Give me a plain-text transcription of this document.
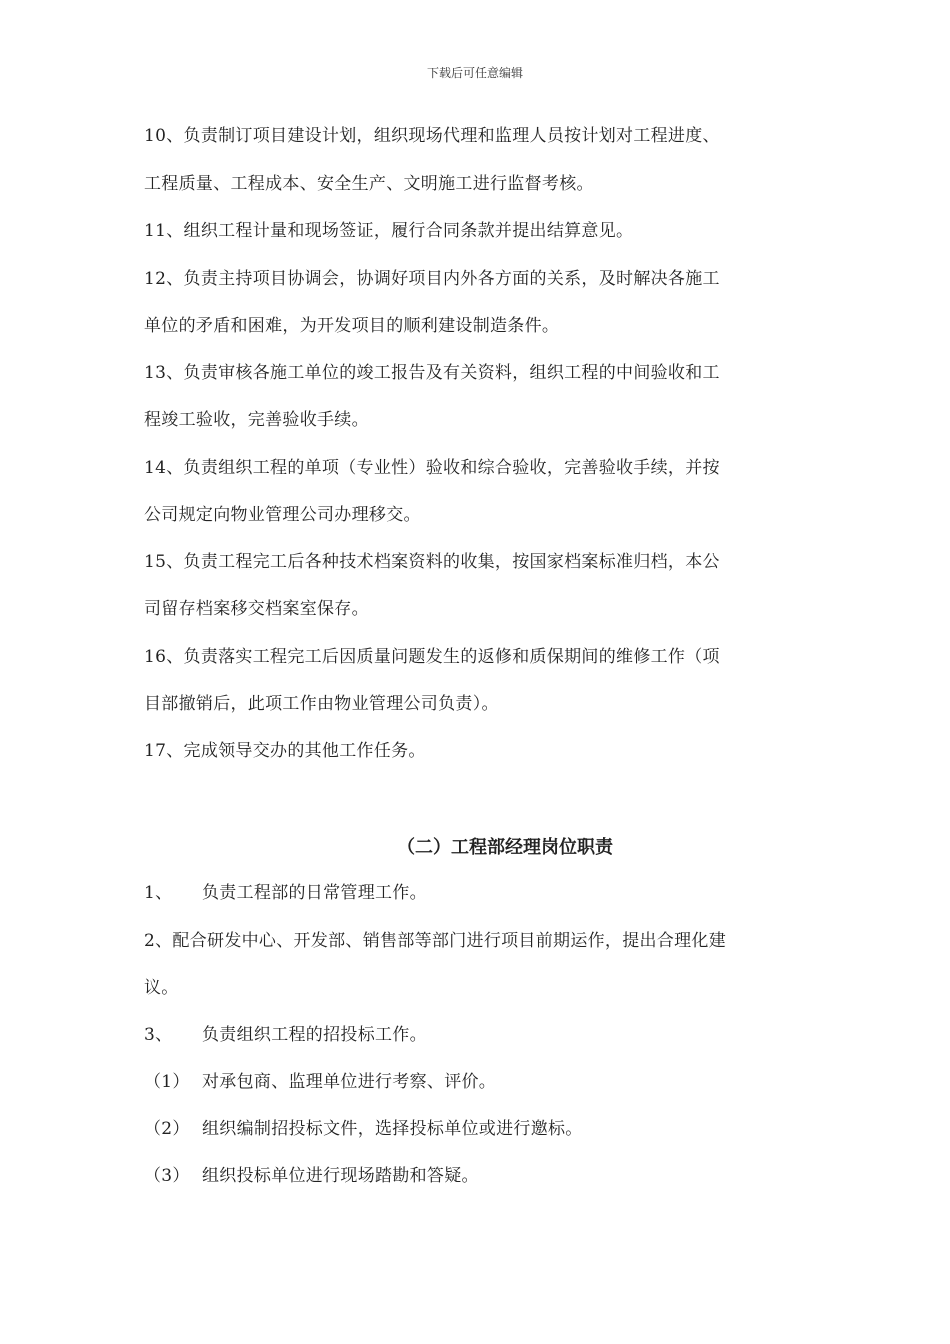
下载后可任意编辑
10、负责制订项目建设计划，组织现场代理和监理人员按计划对工程进度、
工程质量、工程成本、安全生产、文明施工进行监督考核。
11、组织工程计量和现场签证，履行合同条款并提出结算意见。
12、负责主持项目协调会，协调好项目内外各方面的关系，及时解决各施工
单位的矛盾和困难，为开发项目的顺利建设制造条件。
13、负责审核各施工单位的竣工报告及有关资料，组织工程的中间验收和工
程竣工验收，完善验收手续。
14、负责组织工程的单项（专业性）验收和综合验收，完善验收手续，并按
公司规定向物业管理公司办理移交。
15、负责工程完工后各种技术档案资料的收集，按国家档案标准归档，本公
司留存档案移交档案室保存。
16、负责落实工程完工后因质量问题发生的返修和质保期间的维修工作（项
目部撤销后，此项工作由物业管理公司负责）。
17、完成领导交办的其他工作任务。
（二）工程部经理岗位职责
1、 负责工程部的日常管理工作。
2、配合研发中心、开发部、销售部等部门进行项目前期运作，提出合理化建
议。
3、 负责组织工程的招投标工作。
（1） 对承包商、监理单位进行考察、评价。
（2） 组织编制招投标文件，选择投标单位或进行邀标。
（3） 组织投标单位进行现场踏勘和答疑。
